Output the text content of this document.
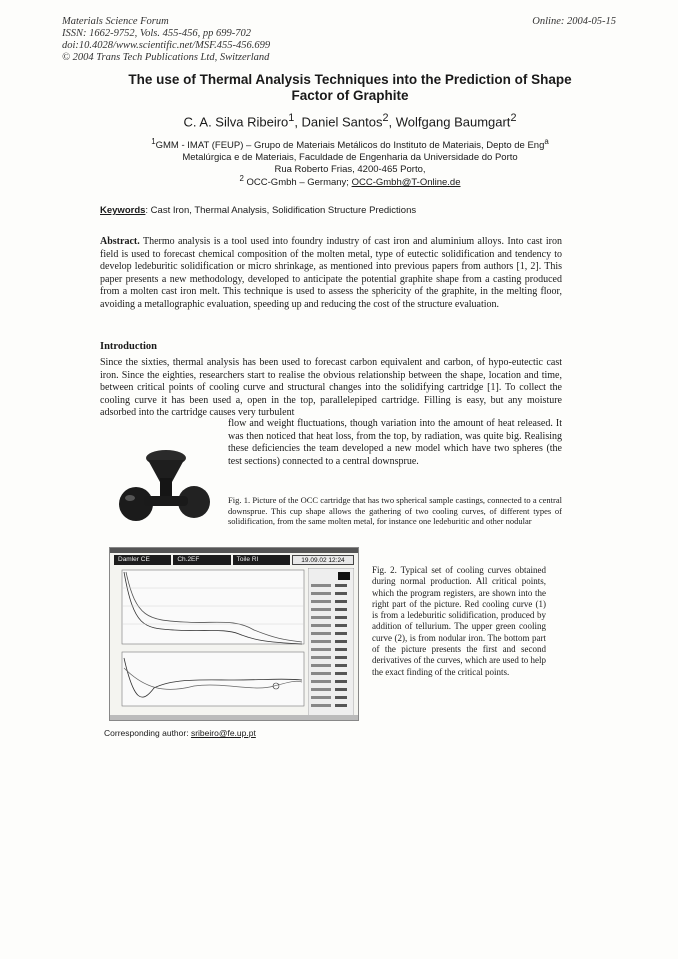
Materials Science Forum
ISSN: 1662-9752, Vols. 455-456, pp 699-702
doi:10.4028/www.scientific.net/MSF.455-456.699
© 2004 Trans Tech Publications Ltd, Switzerland
Online: 2004-05-15
The use of Thermal Analysis Techniques into the Prediction of Shape
Factor of Graphite
C. A. Silva Ribeiro$^1$, Daniel Santos$^2$, Wolfgang Baumgart$^2$
$^1$GMM - IMAT (FEUP) – Grupo de Materiais Metálicos do Instituto de Materiais, Depto de Eng$^a$
Metalúrgica e de Materiais, Faculdade de Engenharia da Universidade do Porto
Rua Roberto Frias, 4200-465 Porto,
$^2$ OCC-Gmbh – Germany; OCC-Gmbh@T-Online.de
Keywords: Cast Iron, Thermal Analysis, Solidification Structure Predictions
Abstract. Thermo analysis is a tool used into foundry industry of cast iron and aluminium alloys. Into cast iron field is used to forecast chemical composition of the molten metal, type of eutectic solidification and tendency to develop ledeburitic solidification or micro shrinkage, as mentioned into previous papers from authors [1, 2]. This paper presents a new methodology, developed to anticipate the potential graphite shape from a casting produced from a molten cast iron melt. This technique is used to assess the sphericity of the graphite, in the melting floor, avoiding a metallographic evaluation, speeding up and reducing the cost of the structure evaluation.
Introduction
Since the sixties, thermal analysis has been used to forecast carbon equivalent and carbon, of hypo-eutectic cast iron. Since the eighties, researchers start to realise the obvious relationship between the shape, location and time, between critical points of cooling curve and structural changes into the solidifying cartridge [1]. To collect the cooling curve it has been used a, open in the top, parallelepiped cartridge. Filling is easy, but any moisture adsorbed into the cartridge causes very turbulent
flow and weight fluctuations, though variation into the amount of heat released. It was then noticed that heat loss, from the top, by radiation, was quite big. Realising these deficiencies the team developed a new model which have two spheres (the test sections) connected to a central downsprue.
Fig. 1. Picture of the OCC cartridge that has two spherical sample castings, connected to a central downsprue. This cup shape allows the gathering of two cooling curves, of different types of solidification, from the same molten metal, for instance one ledeburitic and other nodular
Damler CE	Ch.2EF	Toile RI	19.09.02 12:24
Fig. 2. Typical set of cooling curves obtained during normal production. All critical points, which the program registers, are shown into the right part of the picture. Red cooling curve (1) is from a ledeburitic solidification, produced by addition of tellurium. The upper green cooling curve (2), is from nodular iron. The bottom part of the picture presents the first and second derivatives of the curves, which are used to help the exact finding of the critical points.
Corresponding author: sribeiro@fe.up.pt
